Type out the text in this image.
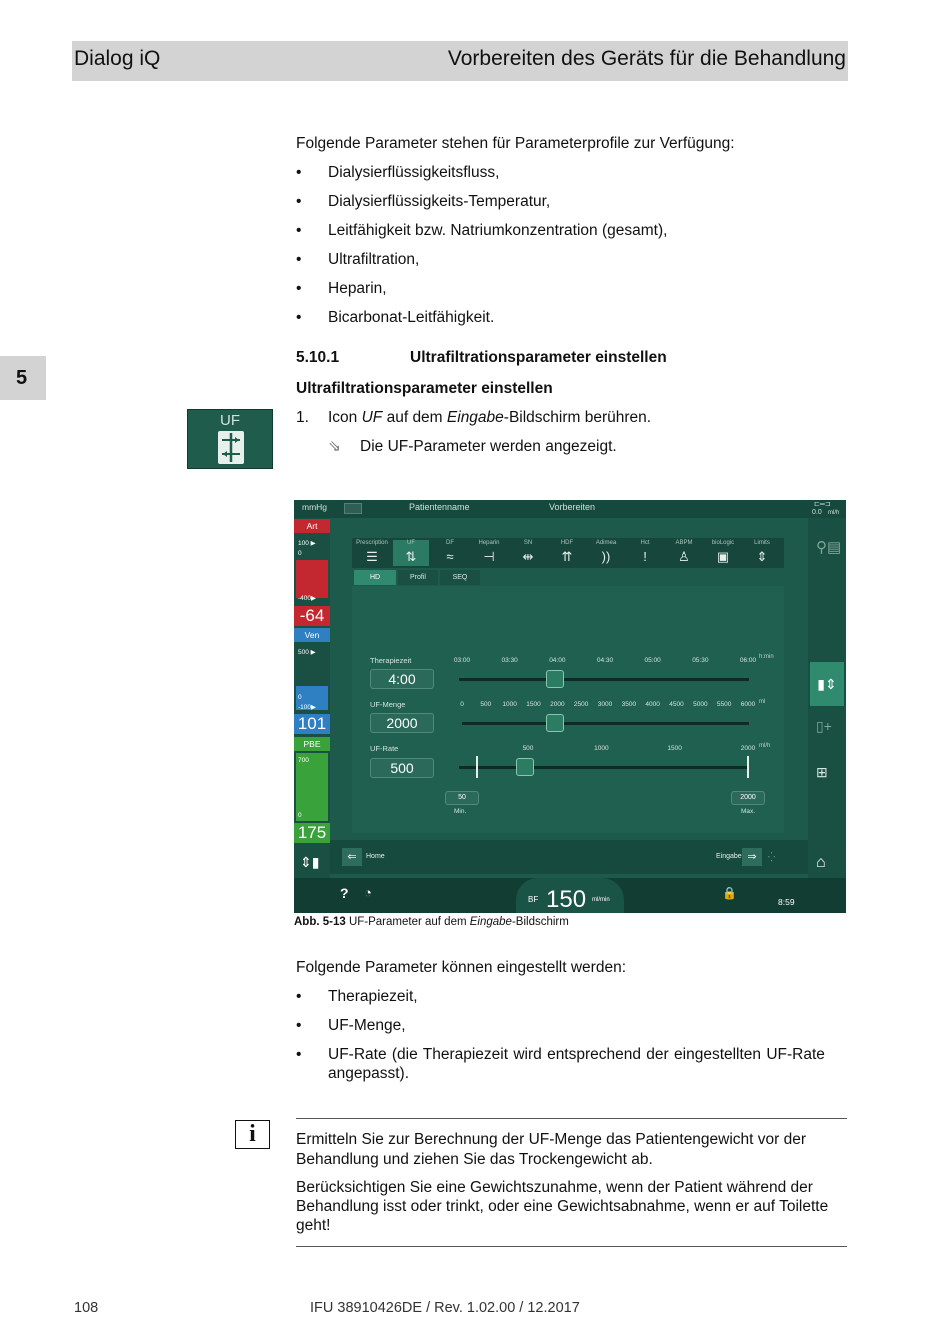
Dialog iQ	Vorbereiten des Geräts für die Behandlung
5
Folgende Parameter stehen für Parameterprofile zur Verfügung:
• Dialysierflüssigkeitsfluss,
• Dialysierflüssigkeits-Temperatur,
• Leitfähigkeit bzw. Natriumkonzentration (gesamt),
• Ultrafiltration,
• Heparin,
• Bicarbonat-Leitfähigkeit.
5.10.1	Ultrafiltrationsparameter einstellen
Ultrafiltrationsparameter einstellen
UF	1. Icon UF auf dem Eingabe-Bildschirm berühren.
⇘ Die UF-Parameter werden angezeigt.
mmHg	Patientenname	Vorbereiten	⊏═⊐
0.0 ml/h
Art
100 ▶
0
-400▶
-64
Ven
500 ▶
0
-100▶
101
PBE
700
0
175
⇕▮
Prescription
☰
UF
⇅
DF
≈
Heparin
⊣
SN
⇹
HDF
⇈
Adimea
))
Hct
!
ABPM
♙
bioLogic
▣
Limits
⇕
HD	Profil	SEQ
Therapiezeit
4:00
h:min
03:00	03:30	04:00	04:30	05:00	05:30	06:00
UF-Menge
2000
ml
0	500	1000	1500	2000	2500	3000	3500	4000	4500	5000	5500	6000
UF-Rate
500
ml/h
500	1000	1500	2000
50
Min.
2000
Max.
⚲▤
▮⇕
▯+
⊞
⌂
⇐	Home	Eingabe ⇒	⁛
? ◔	BF 150 ml/min	🔒
8:59
Abb. 5-13 UF-Parameter auf dem Eingabe-Bildschirm
Folgende Parameter können eingestellt werden:
• Therapiezeit,
• UF-Menge,
• UF-Rate (die Therapiezeit wird entsprechend der eingestellten UF-Rate
angepasst).
i	Ermitteln Sie zur Berechnung der UF-Menge das Patientengewicht vor der
Behandlung und ziehen Sie das Trockengewicht ab.
Berücksichtigen Sie eine Gewichtszunahme, wenn der Patient während der
Behandlung isst oder trinkt, oder eine Gewichtsabnahme, wenn er auf Toilette
geht!
108	IFU 38910426DE / Rev. 1.02.00 / 12.2017
